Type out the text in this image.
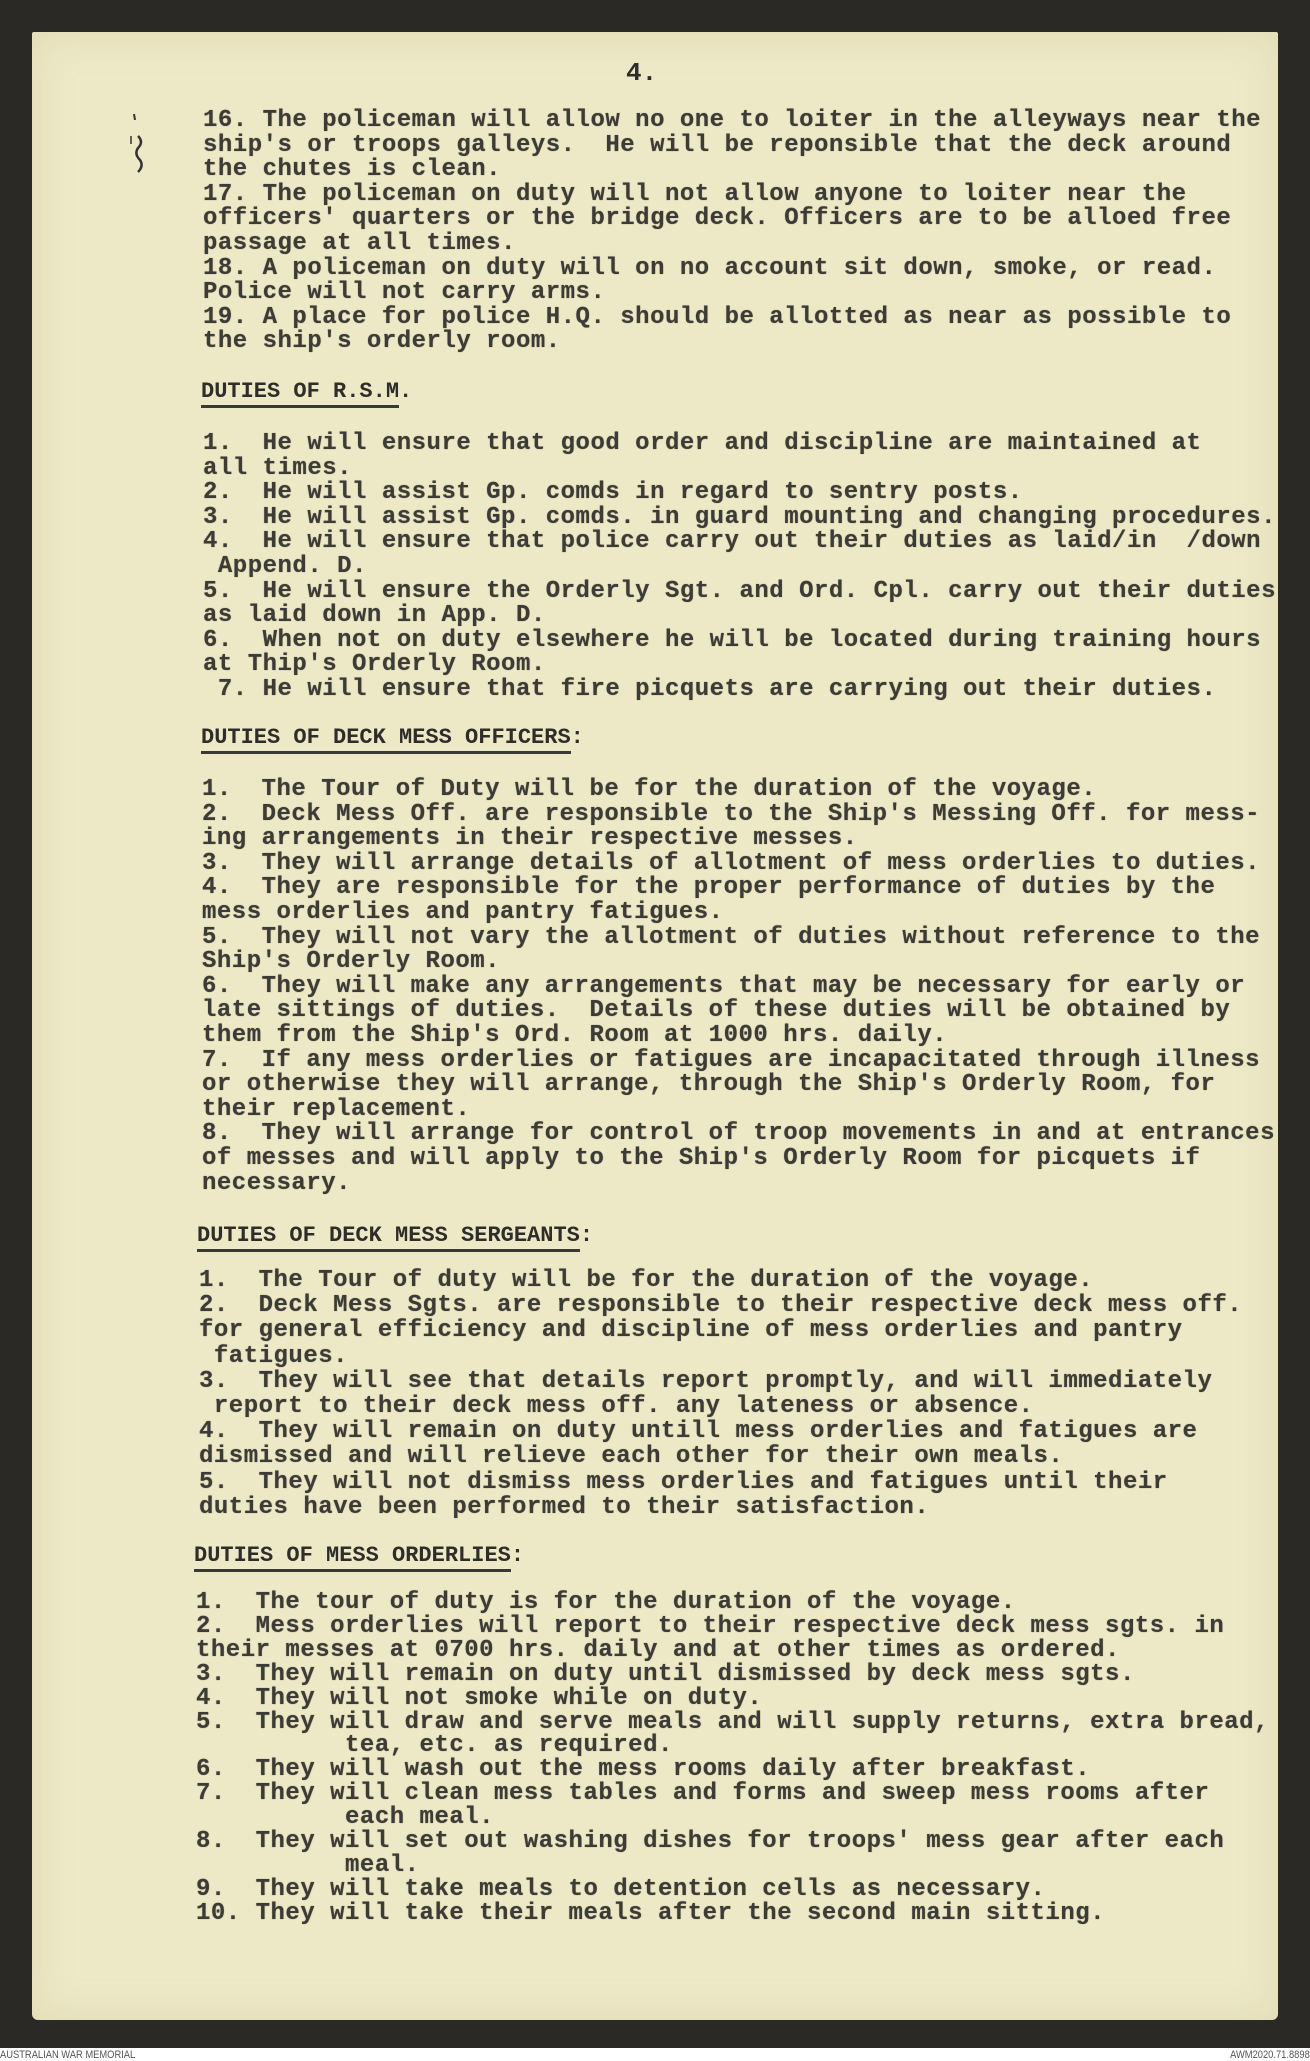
4.
16. The policeman will allow no one to loiter in the alleyways near the
ship's or troops galleys.  He will be reponsible that the deck around
the chutes is clean.
17. The policeman on duty will not allow anyone to loiter near the
officers' quarters or the bridge deck. Officers are to be alloed free
passage at all times.
18. A policeman on duty will on no account sit down, smoke, or read.
Police will not carry arms.
19. A place for police H.Q. should be allotted as near as possible to
the ship's orderly room.
DUTIES OF R.S.M.
1.  He will ensure that good order and discipline are maintained at
all times.
2.  He will assist Gp. comds in regard to sentry posts.
3.  He will assist Gp. comds. in guard mounting and changing procedures.
4.  He will ensure that police carry out their duties as laid/in  /down
Append. D.
5.  He will ensure the Orderly Sgt. and Ord. Cpl. carry out their duties
as laid down in App. D.
6.  When not on duty elsewhere he will be located during training hours
at Thip's Orderly Room.
7. He will ensure that fire picquets are carrying out their duties.
DUTIES OF DECK MESS OFFICERS:
1.  The Tour of Duty will be for the duration of the voyage.
2.  Deck Mess Off. are responsible to the Ship's Messing Off. for mess-
ing arrangements in their respective messes.
3.  They will arrange details of allotment of mess orderlies to duties.
4.  They are responsible for the proper performance of duties by the
mess orderlies and pantry fatigues.
5.  They will not vary the allotment of duties without reference to the
Ship's Orderly Room.
6.  They will make any arrangements that may be necessary for early or
late sittings of duties.  Details of these duties will be obtained by
them from the Ship's Ord. Room at 1000 hrs. daily.
7.  If any mess orderlies or fatigues are incapacitated through illness
or otherwise they will arrange, through the Ship's Orderly Room, for
their replacement.
8.  They will arrange for control of troop movements in and at entrances
of messes and will apply to the Ship's Orderly Room for picquets if
necessary.
DUTIES OF DECK MESS SERGEANTS:
1.  The Tour of duty will be for the duration of the voyage.
2.  Deck Mess Sgts. are responsible to their respective deck mess off.
for general efficiency and discipline of mess orderlies and pantry
fatigues.
3.  They will see that details report promptly, and will immediately
report to their deck mess off. any lateness or absence.
4.  They will remain on duty untill mess orderlies and fatigues are
dismissed and will relieve each other for their own meals.
5.  They will not dismiss mess orderlies and fatigues until their
duties have been performed to their satisfaction.
DUTIES OF MESS ORDERLIES:
1.  The tour of duty is for the duration of the voyage.
2.  Mess orderlies will report to their respective deck mess sgts. in
their messes at 0700 hrs. daily and at other times as ordered.
3.  They will remain on duty until dismissed by deck mess sgts.
4.  They will not smoke while on duty.
5.  They will draw and serve meals and will supply returns, extra bread,
tea, etc. as required.
6.  They will wash out the mess rooms daily after breakfast.
7.  They will clean mess tables and forms and sweep mess rooms after
each meal.
8.  They will set out washing dishes for troops' mess gear after each
meal.
9.  They will take meals to detention cells as necessary.
10. They will take their meals after the second main sitting.
AUSTRALIAN WAR MEMORIAL	AWM2020.71.8898
